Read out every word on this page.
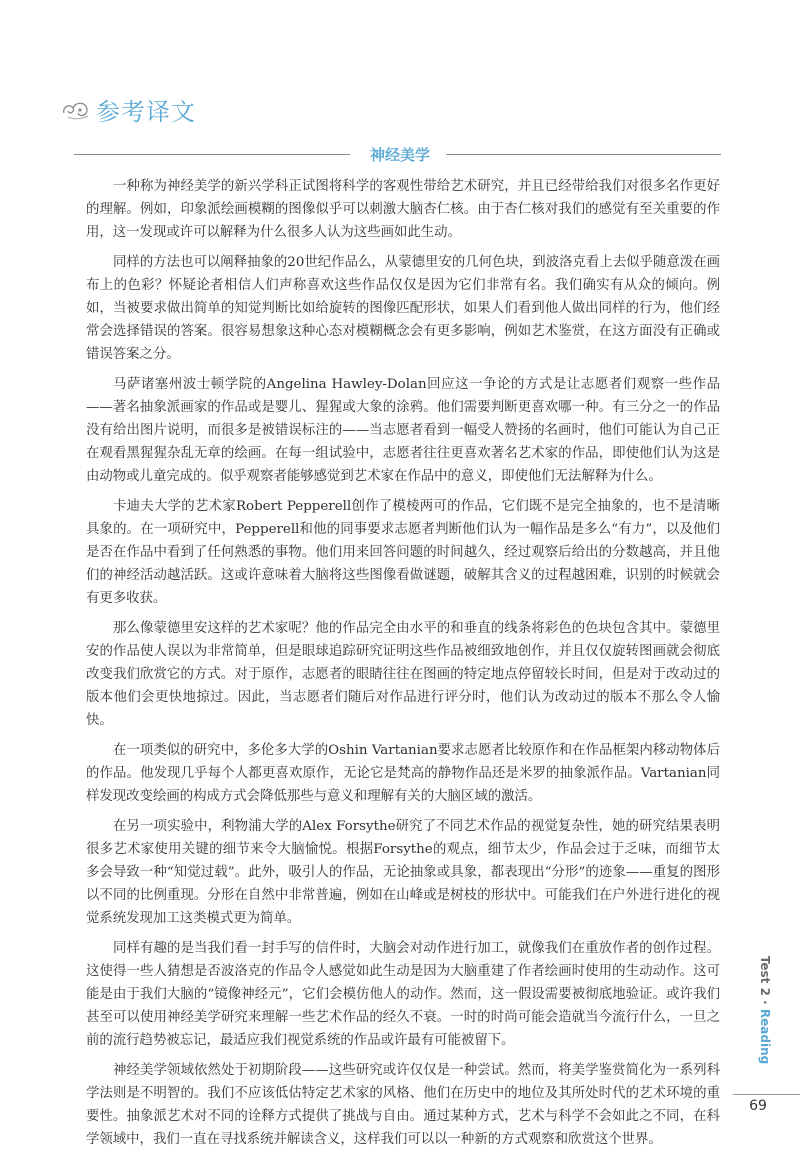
参考译文
神经美学

一种称为神经美学的新兴学科正试图将科学的客观性带给艺术研究，并且已经带给我们对很多名作更好的理解。例如，印象派绘画模糊的图像似乎可以刺激大脑杏仁核。由于杏仁核对我们的感觉有至关重要的作用，这一发现或许可以解释为什么很多人认为这些画如此生动。

同样的方法也可以阐释抽象的20世纪作品么，从蒙德里安的几何色块，到波洛克看上去似乎随意泼在画布上的色彩？怀疑论者相信人们声称喜欢这些作品仅仅是因为它们非常有名。我们确实有从众的倾向。例如，当被要求做出简单的知觉判断比如给旋转的图像匹配形状，如果人们看到他人做出同样的行为，他们经常会选择错误的答案。很容易想象这种心态对模糊概念会有更多影响，例如艺术鉴赏，在这方面没有正确或错误答案之分。

马萨诸塞州波士顿学院的Angelina Hawley-Dolan回应这一争论的方式是让志愿者们观察一些作品——著名抽象派画家的作品或是婴儿、猩猩或大象的涂鸦。他们需要判断更喜欢哪一种。有三分之一的作品没有给出图片说明，而很多是被错误标注的——当志愿者看到一幅受人赞扬的名画时，他们可能认为自己正在观看黑猩猩杂乱无章的绘画。在每一组试验中，志愿者往往更喜欢著名艺术家的作品，即使他们认为这是由动物或儿童完成的。似乎观察者能够感觉到艺术家在作品中的意义，即使他们无法解释为什么。

卡迪夫大学的艺术家Robert Pepperell创作了模棱两可的作品，它们既不是完全抽象的，也不是清晰具象的。在一项研究中，Pepperell和他的同事要求志愿者判断他们认为一幅作品是多么“有力”，以及他们是否在作品中看到了任何熟悉的事物。他们用来回答问题的时间越久，经过观察后给出的分数越高，并且他们的神经活动越活跃。这或许意味着大脑将这些图像看做谜题，破解其含义的过程越困难，识别的时候就会有更多收获。

那么像蒙德里安这样的艺术家呢？他的作品完全由水平的和垂直的线条将彩色的色块包含其中。蒙德里安的作品使人误以为非常简单，但是眼球追踪研究证明这些作品被细致地创作，并且仅仅旋转图画就会彻底改变我们欣赏它的方式。对于原作，志愿者的眼睛往往在图画的特定地点停留较长时间，但是对于改动过的版本他们会更快地掠过。因此，当志愿者们随后对作品进行评分时，他们认为改动过的版本不那么令人愉快。

在一项类似的研究中，多伦多大学的Oshin Vartanian要求志愿者比较原作和在作品框架内移动物体后的作品。他发现几乎每个人都更喜欢原作，无论它是梵高的静物作品还是米罗的抽象派作品。Vartanian同样发现改变绘画的构成方式会降低那些与意义和理解有关的大脑区域的激活。

在另一项实验中，利物浦大学的Alex Forsythe研究了不同艺术作品的视觉复杂性，她的研究结果表明很多艺术家使用关键的细节来令大脑愉悦。根据Forsythe的观点，细节太少，作品会过于乏味，而细节太多会导致一种“知觉过载”。此外，吸引人的作品，无论抽象或具象，都表现出“分形”的迹象——重复的图形以不同的比例重现。分形在自然中非常普遍，例如在山峰或是树枝的形状中。可能我们在户外进行进化的视觉系统发现加工这类模式更为简单。

同样有趣的是当我们看一封手写的信件时，大脑会对动作进行加工，就像我们在重放作者的创作过程。这使得一些人猜想是否波洛克的作品令人感觉如此生动是因为大脑重建了作者绘画时使用的生动动作。这可能是由于我们大脑的“镜像神经元”，它们会模仿他人的动作。然而，这一假设需要被彻底地验证。或许我们甚至可以使用神经美学研究来理解一些艺术作品的经久不衰。一时的时尚可能会造就当今流行什么，一旦之前的流行趋势被忘记，最适应我们视觉系统的作品或许最有可能被留下。

神经美学领域依然处于初期阶段——这些研究或许仅仅是一种尝试。然而，将美学鉴赏简化为一系列科学法则是不明智的。我们不应该低估特定艺术家的风格、他们在历史中的地位及其所处时代的艺术环境的重要性。抽象派艺术对不同的诠释方式提供了挑战与自由。通过某种方式，艺术与科学不会如此之不同，在科学领域中，我们一直在寻找系统并解读含义，这样我们可以以一种新的方式观察和欣赏这个世界。

Test 2 · Reading
69
